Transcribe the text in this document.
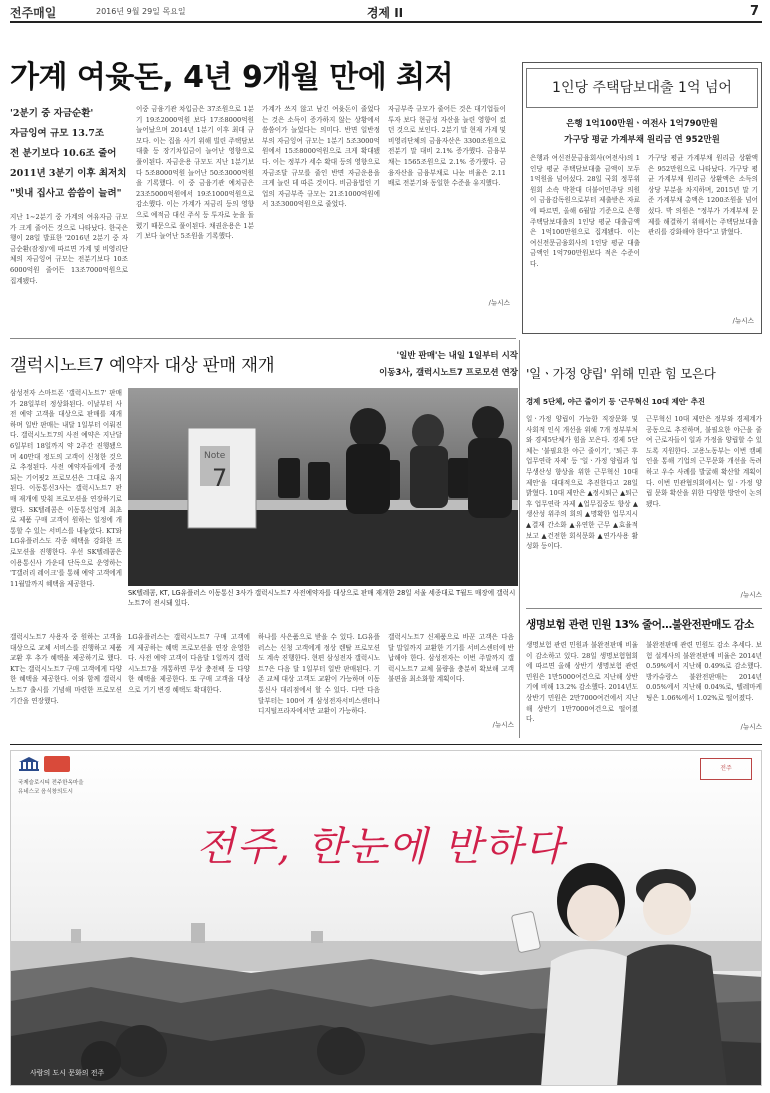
전주매일	2016년 9월 29일 목요일	경제 II	7
가계 여윳돈, 4년 9개월 만에 최저
'2분기 중 자금순환'
자금잉여 규모 13.7조
전 분기보다 10.6조 줄어
2011년 3분기 이후 최저치
"빗내 집사고 씀씀이 늘려"
지난 1∼2분기 중 가계의 여유자금 규모가 크게 줄어든 것으로 나타났다. 한국은행이 28일 발표한 '2016년 2분기 중 자금순환(잠정)'에 따르면 가계 및 비영리단체의 자금잉여 규모는 전분기보다 10조6000억원 줄어든 13조7000억원으로 집계됐다.
이중 금융기관 차입금은 37조원으로 1분기 19조2000억원 보다 17조8000억원 늘어났으며 2014년 1분기 이후 최대 규모다. 이는 집을 사기 위해 빌린 주택담보대출 등 장기차입금이 늘어난 영향으로 풀이된다. 자금운용 규모도 지난 1분기보다 5조8000억원 늘어난 50조3000억원을 기록했다. 이 중 금융기관 예치금은 23조5000억원에서 19조1000억원으로 감소했다. 이는 가계가 저금리 등의 영향으로 예적금 대신 주식 등 투자로 눈을 돌렸기 때문으로 풀이된다. 채권운용은 1분기 보다 늘어난 5조원을 기록했다.
가계가 쓰지 않고 남긴 여윳돈이 줄었다는 것은 소득이 증가하지 않는 상황에서 씀씀이가 늘었다는 의미다. 반면 일반정부의 자금잉여 규모는 1분기 5조3000억원에서 15조8000억원으로 크게 확대됐다. 이는 정부가 세수 확대 등의 영향으로 자금조달 규모를 줄인 반면 자금운용을 크게 늘린 데 따른 것이다. 비금융법인 기업의 자금부족 규모는 21조1000억원에서 3조3000억원으로 줄었다.
자금부족 규모가 줄어든 것은 대기업들이 투자 보다 현금성 자산을 늘린 영향이 컸던 것으로 보인다. 2분기 말 현재 가계 및 비영리단체의 금융자산은 3300조원으로 전분기 말 대비 2.1% 증가했다. 금융부채는 1565조원으로 2.1% 증가했다. 금융자산을 금융부채로 나눈 비율은 2.11배로 전분기와 동일한 수준을 유지했다.
/뉴시스
1인당 주택담보대출 1억 넘어
은행 1억100만원ㆍ여전사 1억790만원
가구당 평균 가계부채 원리금 연 952만원
은행과 여신전문금융회사(여전사)의 1인당 평균 주택담보대출 금액이 모두 1억원을 넘어섰다. 28일 국회 정무위원회 소속 박찬대 더불어민주당 의원이 금융감독원으로부터 제출받은 자료에 따르면, 올해 6월말 기준으로 은행 주택담보대출의 1인당 평균 대출금액은 1억100만원으로 집계됐다. 이는 여신전문금융회사의 1인당 평균 대출금액인 1억790만원보다 적은 수준이다.
가구당 평균 가계부채 원리금 상환액은 952만원으로 나타났다. 가구당 평균 가계부채 원리금 상환액은 소득의 상당 부분을 차지하며, 2015년 말 기준 가계부채 총액은 1200조원을 넘어섰다. 박 의원은 "정부가 가계부채 문제를 해결하기 위해서는 주택담보대출 관리를 강화해야 한다"고 밝혔다.
/뉴시스
갤럭시노트7 예약자 대상 판매 재개	'일반 판매'는 내일 1일부터 시작
이동3사, 갤럭시노트7 프로모션 연장
삼성전자 스마트폰 '갤럭시노트7' 판매가 28일부터 정상화된다. 이날부터 사전 예약 고객을 대상으로 판매를 재개하며 일반 판매는 내달 1일부터 이뤄진다. 갤럭시노트7의 사전 예약은 지난달 6일부터 18일까지 약 2주간 진행됐으며 40만대 정도의 고객이 신청한 것으로 추정된다. 사전 예약자들에게 증정되는 기어핏2 프로모션은 그대로 유지된다. 이동통신3사는 갤럭시노트7 판매 재개에 맞춰 프로모션을 연장하기로 했다. SK텔레콤은 이동통신업계 최초로 제품 구매 고객이 원하는 일정에 개통할 수 있는 서비스를 내놓았다. KT와 LG유플러스도 각종 혜택을 강화한 프로모션을 진행한다. 우선 SK텔레콤은 이용통신사 가운데 단독으로 운영하는 'T갤러리 레이크'를 통해 예약 고객에게 11월말까지 혜택을 제공한다.
Note
7
SK텔레콤, KT, LG유플러스 이동통신 3사가 갤럭시노트7 사전예약자를 대상으로 판매 재개한 28일 서울 세종대로 T월드 매장에 갤럭시노트7이 전시돼 있다.
갤럭시노트7 사용자 중 원하는 고객을 대상으로 교체 서비스를 진행하고 제품 교환 후 추가 혜택을 제공하기로 했다. KT는 갤럭시노트7 구매 고객에게 다양한 혜택을 제공한다. 이와 함께 갤럭시노트7 출시를 기념해 마련한 프로모션 기간을 연장했다.
LG유플러스는 갤럭시노트7 구매 고객에게 제공하는 혜택 프로모션을 연장 운영한다. 사전 예약 고객이 다음달 1일까지 갤럭시노트7을 개통하면 무상 충전팩 등 다양한 혜택을 제공한다. 또 구매 고객을 대상으로 기기 변경 혜택도 확대한다.
하나를 사은품으로 받을 수 있다. LG유플러스는 신청 고객에게 정상 렌탈 프로모션도 계속 진행한다. 현편 삼성전자 갤럭시노트7은 다음 달 1일부터 일반 판매된다. 기존 교체 대상 고객도 교환이 가능하며 이동통신사 대리점에서 할 수 있다. 다만 다음달부터는 100여 개 삼성전자서비스센터나 디지털프라자에서만 교환이 가능하다.
갤럭시노트7 신제품으로 바꾼 고객은 다음달 말일까지 교환한 기기를 서비스센터에 반납해야 한다. 삼성전자는 이번 주말까지 갤럭시노트7 교체 물량을 충분히 확보해 고객 불편을 최소화할 계획이다.
/뉴시스
'일ㆍ가정 양립' 위해 민관 힘 모은다
경제 5단체, 야근 줄이기 등 '근무혁신 10대 제안' 추진
일ㆍ가정 양립이 가능한 직장문화 및 사회적 인식 개선을 위해 7개 정부부처와 경제5단체가 힘을 모은다. 경제 5단체는 '불필요한 야근 줄이기', '퇴근 후 업무연락 자제' 등 '일ㆍ가정 양립과 업무생산성 향상을 위한 근무혁신 10대 제안'을 대대적으로 추진한다고 28일 밝혔다. 10대 제안은 ▲정시퇴근 ▲퇴근 후 업무연락 자제 ▲업무집중도 향상 ▲생산성 위주의 회의 ▲명확한 업무지시 ▲결재 간소화 ▲유연한 근무 ▲효율적 보고 ▲건전한 회식문화 ▲연가사용 활성화 등이다.
근무혁신 10대 제안은 정부와 경제계가 공동으로 추진하며, 불필요한 야근을 줄여 근로자들이 일과 가정을 양립할 수 있도록 지원한다. 고용노동부는 이번 캠페인을 통해 기업의 근무문화 개선을 독려하고 우수 사례를 발굴해 확산할 계획이다. 이번 민관협의회에서는 일ㆍ가정 양립 문화 확산을 위한 다양한 방안이 논의됐다.
/뉴시스
생명보험 관련 민원 13% 줄어…불완전판매도 감소
생명보험 관련 민원과 불완전판매 비율이 감소하고 있다. 28일 생명보험협회에 따르면 올해 상반기 생명보험 관련 민원은 1만5000여건으로 지난해 상반기에 비해 13.2% 감소했다. 2014년도 상반기 민원은 2만7000여건에서 지난해 상반기 1만7000여건으로 떨어졌다.
불완전판매 관련 민원도 감소 추세다. 보험 설계사의 불완전판매 비율은 2014년 0.59%에서 지난해 0.49%로 감소했다. 방카슈랑스 불완전판매는 2014년 0.05%에서 지난해 0.04%로, 텔레마케팅은 1.06%에서 1.02%로 떨어졌다.
/뉴시스
국제슬로시티 전주한옥마을
유네스코 음식창의도시
전주
전주, 한눈에 반하다
사람의 도시 문화의 전주
